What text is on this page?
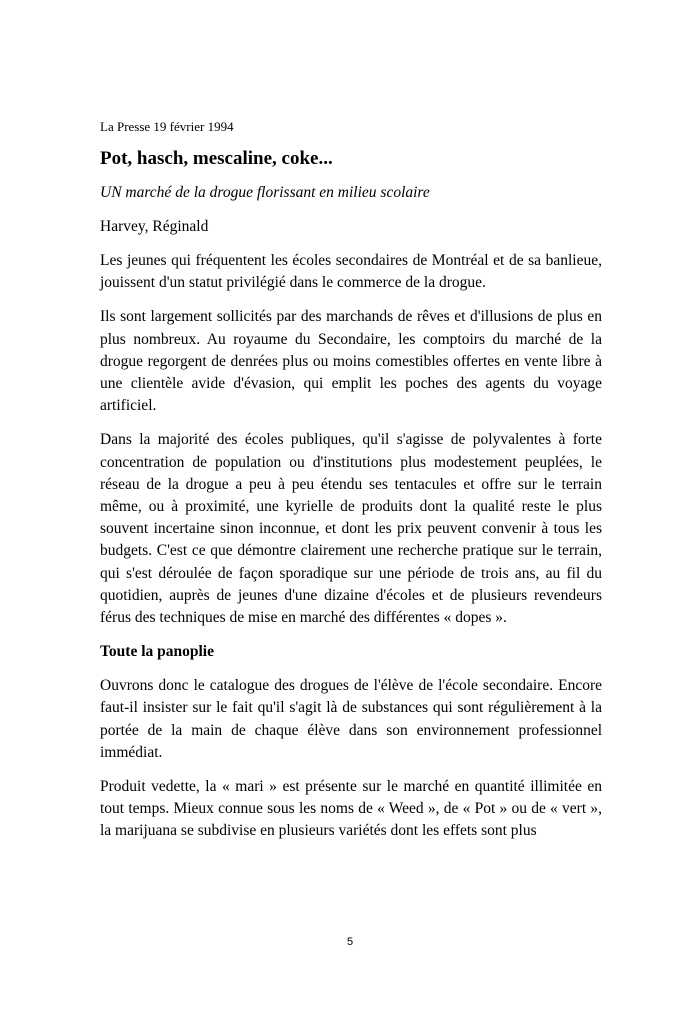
La Presse 19 février 1994

Pot, hasch, mescaline, coke...

UN marché de la drogue florissant en milieu scolaire

Harvey, Réginald

Les jeunes qui fréquentent les écoles secondaires de Montréal et de sa banlieue, jouissent d'un statut privilégié dans le commerce de la drogue.

Ils sont largement sollicités par des marchands de rêves et d'illusions de plus en plus nombreux. Au royaume du Secondaire, les comptoirs du marché de la drogue regorgent de denrées plus ou moins comestibles offertes en vente libre à une clientèle avide d'évasion, qui emplit les poches des agents du voyage artificiel.

Dans la majorité des écoles publiques, qu'il s'agisse de polyvalentes à forte concentration de population ou d'institutions plus modestement peuplées, le réseau de la drogue a peu à peu étendu ses tentacules et offre sur le terrain même, ou à proximité, une kyrielle de produits dont la qualité reste le plus souvent incertaine sinon inconnue, et dont les prix peuvent convenir à tous les budgets. C'est ce que démontre clairement une recherche pratique sur le terrain, qui s'est déroulée de façon sporadique sur une période de trois ans, au fil du quotidien, auprès de jeunes d'une dizaine d'écoles et de plusieurs revendeurs férus des techniques de mise en marché des différentes « dopes ».

Toute la panoplie

Ouvrons donc le catalogue des drogues de l'élève de l'école secondaire. Encore faut-il insister sur le fait qu'il s'agit là de substances qui sont régulièrement à la portée de la main de chaque élève dans son environnement professionnel immédiat.

Produit vedette, la « mari » est présente sur le marché en quantité illimitée en tout temps. Mieux connue sous les noms de « Weed », de « Pot » ou de « vert », la marijuana se subdivise en plusieurs variétés dont les effets sont plus

5
